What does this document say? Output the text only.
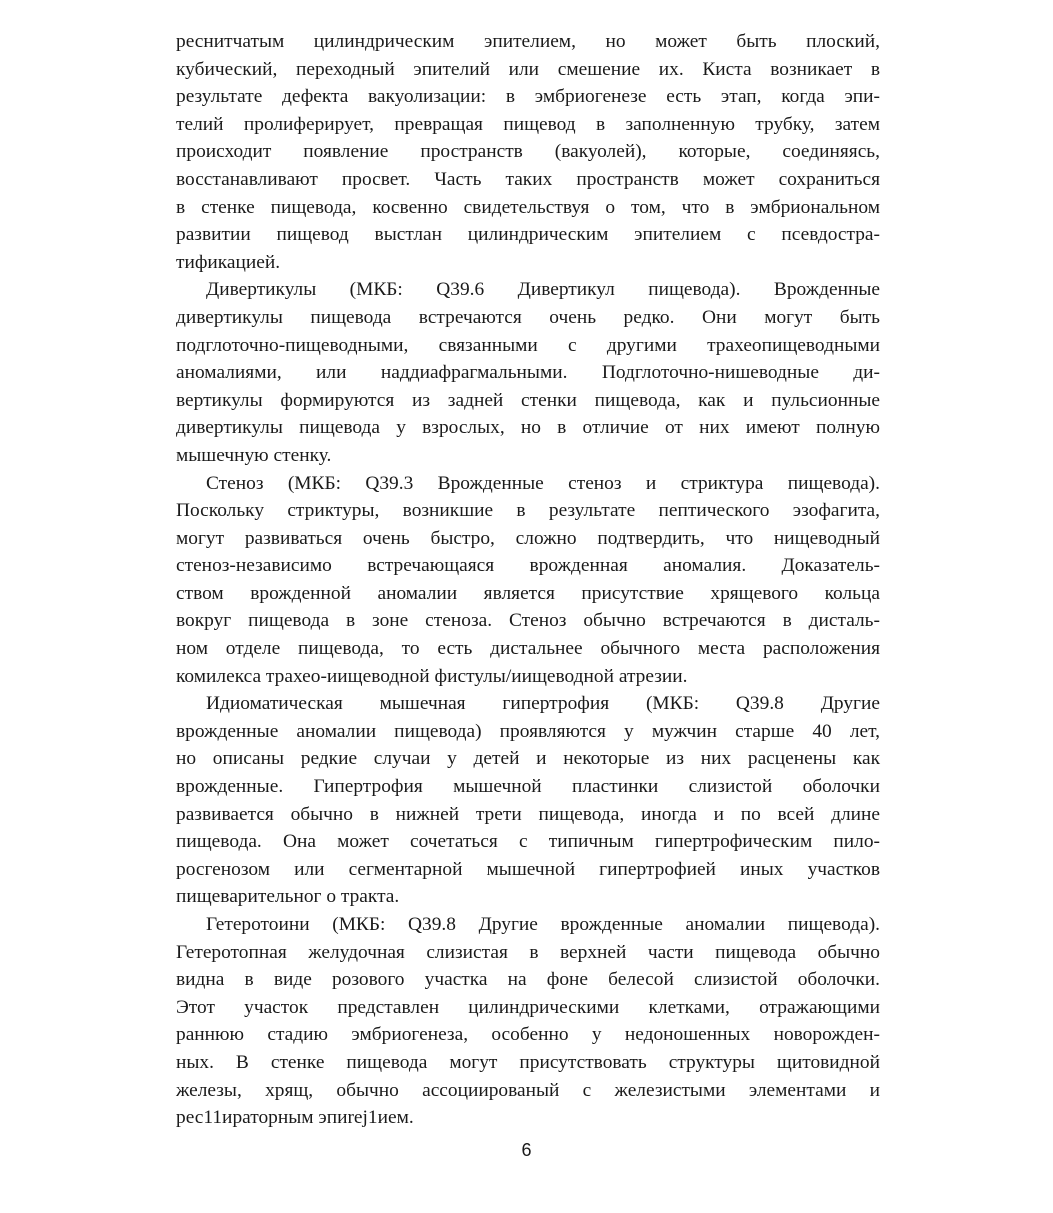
реснитчатым цилиндрическим эпителием, но может быть плоский,
кубический, переходный эпителий или смешение их. Киста возникает в
результате дефекта вакуолизации: в эмбриогенезе есть этап, когда эпи-
телий пролиферирует, превращая пищевод в заполненную трубку, затем
происходит появление пространств (вакуолей), которые, соединяясь,
восстанавливают просвет. Часть таких пространств может сохраниться
в стенке пищевода, косвенно свидетельствуя о том, что в эмбриональном
развитии пищевод выстлан цилиндрическим эпителием с псевдостра-
тификацией.
Дивертикулы (МКБ: Q39.6 Дивертикул пищевода). Врожденные
дивертикулы пищевода встречаются очень редко. Они могут быть
подглоточно-пищеводными, связанными с другими трахеопищеводными
аномалиями, или наддиафрагмальными. Подглоточно-нишеводные ди-
вертикулы формируются из задней стенки пищевода, как и пульсионные
дивертикулы пищевода у взрослых, но в отличие от них имеют полную
мышечную стенку.
Стеноз (МКБ: Q39.3 Врожденные стеноз и стриктура пищевода).
Поскольку стриктуры, возникшие в результате пептического эзофагита,
могут развиваться очень быстро, сложно подтвердить, что нищеводный
стеноз-независимо встречающаяся врожденная аномалия. Доказатель-
ством врожденной аномалии является присутствие хрящевого кольца
вокруг пищевода в зоне стеноза. Стеноз обычно встречаются в дисталь-
ном отделе пищевода, то есть дистальнее обычного места расположения
комилекса трахео-иищеводной фистулы/иищеводной атрезии.
Идиоматическая мышечная гипертрофия (МКБ: Q39.8 Другие
врожденные аномалии пищевода) проявляются у мужчин старше 40 лет,
но описаны редкие случаи у детей и некоторые из них расценены как
врожденные. Гипертрофия мышечной пластинки слизистой оболочки
развивается обычно в нижней трети пищевода, иногда и по всей длине
пищевода. Она может сочетаться с типичным гипертрофическим пило-
росгенозом или сегментарной мышечной гипертрофией иных участков
пищеварительног о тракта.
Гетеротоини (МКБ: Q39.8 Другие врожденные аномалии пищевода).
Гетеротопная желудочная слизистая в верхней части пищевода обычно
видна в виде розового участка на фоне белесой слизистой оболочки.
Этот участок представлен цилиндрическими клетками, отражающими
раннюю стадию эмбриогенеза, особенно у недоношенных новорожден-
ных. В стенке пищевода могут присутствовать структуры щитовидной
железы, хрящ, обычно ассоциированый с железистыми элементами и
рес11ираторным эпиrej1ием.
6
